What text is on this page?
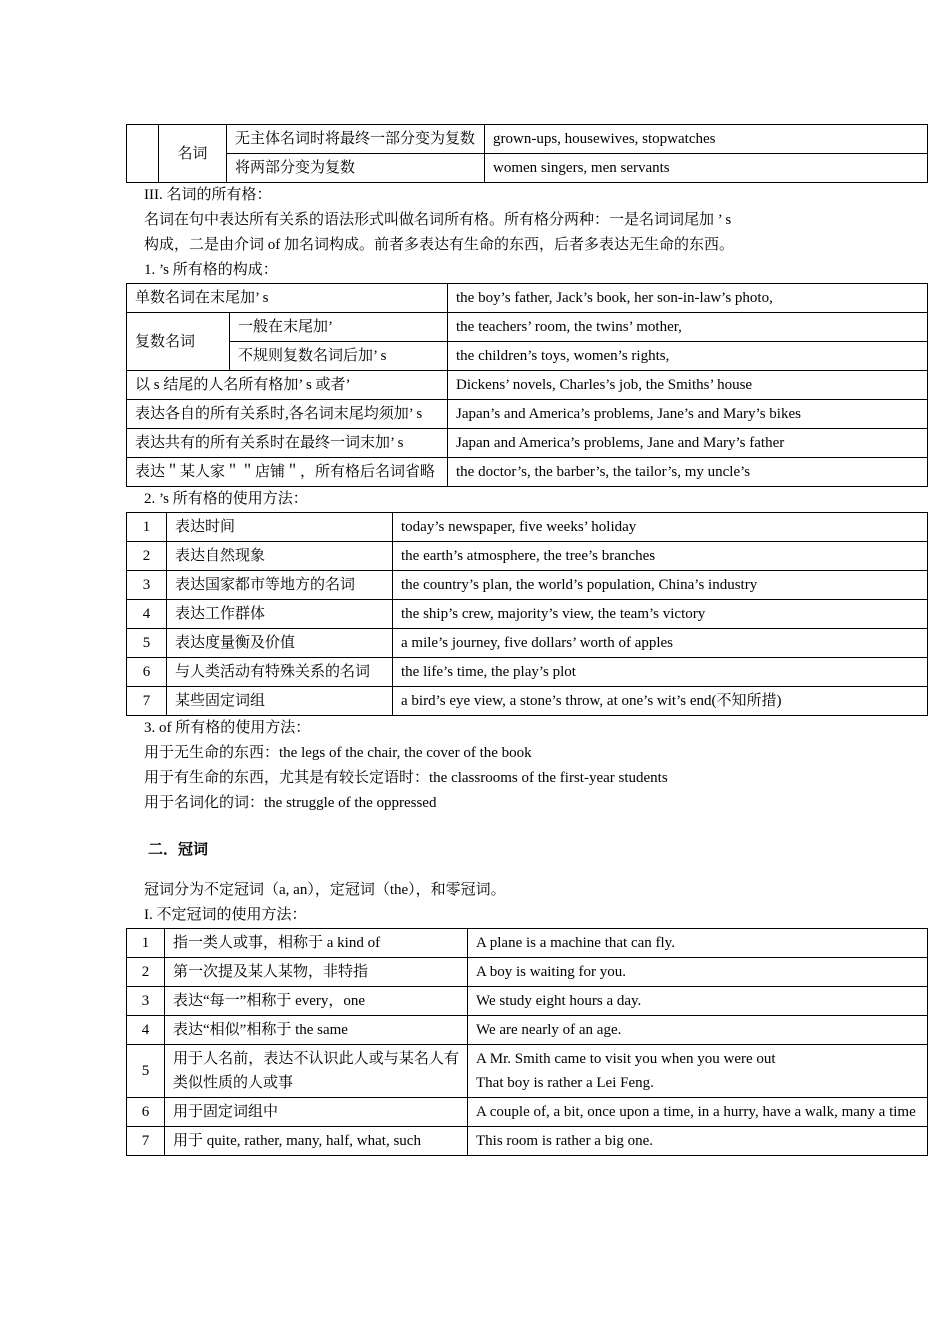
	名词	无主体名词时将最终一部分变为复数	grown-ups, housewives, stopwatches
		将两部分变为复数	women singers, men servants

III. 名词的所有格：

名词在句中表达所有关系的语法形式叫做名词所有格。所有格分两种：一是名词词尾加 ’ s

构成，二是由介词 of 加名词构成。前者多表达有生命的东西，后者多表达无生命的东西。

1. ’s 所有格的构成：

单数名词在末尾加’ s		the boy’s father, Jack’s book, her son-in-law’s photo,
复数名词	一般在末尾加’	the teachers’ room, the twins’ mother,
	不规则复数名词后加’ s	the children’s toys, women’s rights,
以 s 结尾的人名所有格加’ s 或者’		Dickens’ novels, Charles’s job, the Smiths’ house
表达各自的所有关系时,各名词末尾均须加’ s		Japan’s and America’s problems, Jane’s and Mary’s bikes
表达共有的所有关系时在最终一词末加’ s		Japan and America’s problems, Jane and Mary’s father
表达＂某人家＂＂店铺＂，所有格后名词省略		the doctor’s, the barber’s, the tailor’s, my uncle’s

2. ’s 所有格的使用方法：

1	表达时间	today’s newspaper, five weeks’ holiday
2	表达自然现象	the earth’s atmosphere, the tree’s branches
3	表达国家都市等地方的名词	the country’s plan, the world’s population, China’s industry
4	表达工作群体	the ship’s crew, majority’s view, the team’s victory
5	表达度量衡及价值	a mile’s journey, five dollars’ worth of apples
6	与人类活动有特殊关系的名词	the life’s time, the play’s plot
7	某些固定词组	a bird’s eye view, a stone’s throw, at one’s wit’s end(不知所措)

3. of 所有格的使用方法：

用于无生命的东西：the legs of the chair, the cover of the book

用于有生命的东西，尤其是有较长定语时：the classrooms of the first-year students

用于名词化的词：the struggle of the oppressed

二．冠词

冠词分为不定冠词（a, an），定冠词（the），和零冠词。

I. 不定冠词的使用方法：

1	指一类人或事，相称于 a kind of	A plane is a machine that can fly.
2	第一次提及某人某物，非特指	A boy is waiting for you.
3	表达“每一”相称于 every，one	We study eight hours a day.
4	表达“相似”相称于 the same	We are nearly of an age.
5	用于人名前，表达不认识此人或与某名人有类似性质的人或事	A Mr. Smith came to visit you when you were out
That boy is rather a Lei Feng.

6	用于固定词组中	A couple of, a bit, once upon a time, in a hurry, have a walk, many a time
7	用于 quite, rather, many, half, what, such	This room is rather a big one.
